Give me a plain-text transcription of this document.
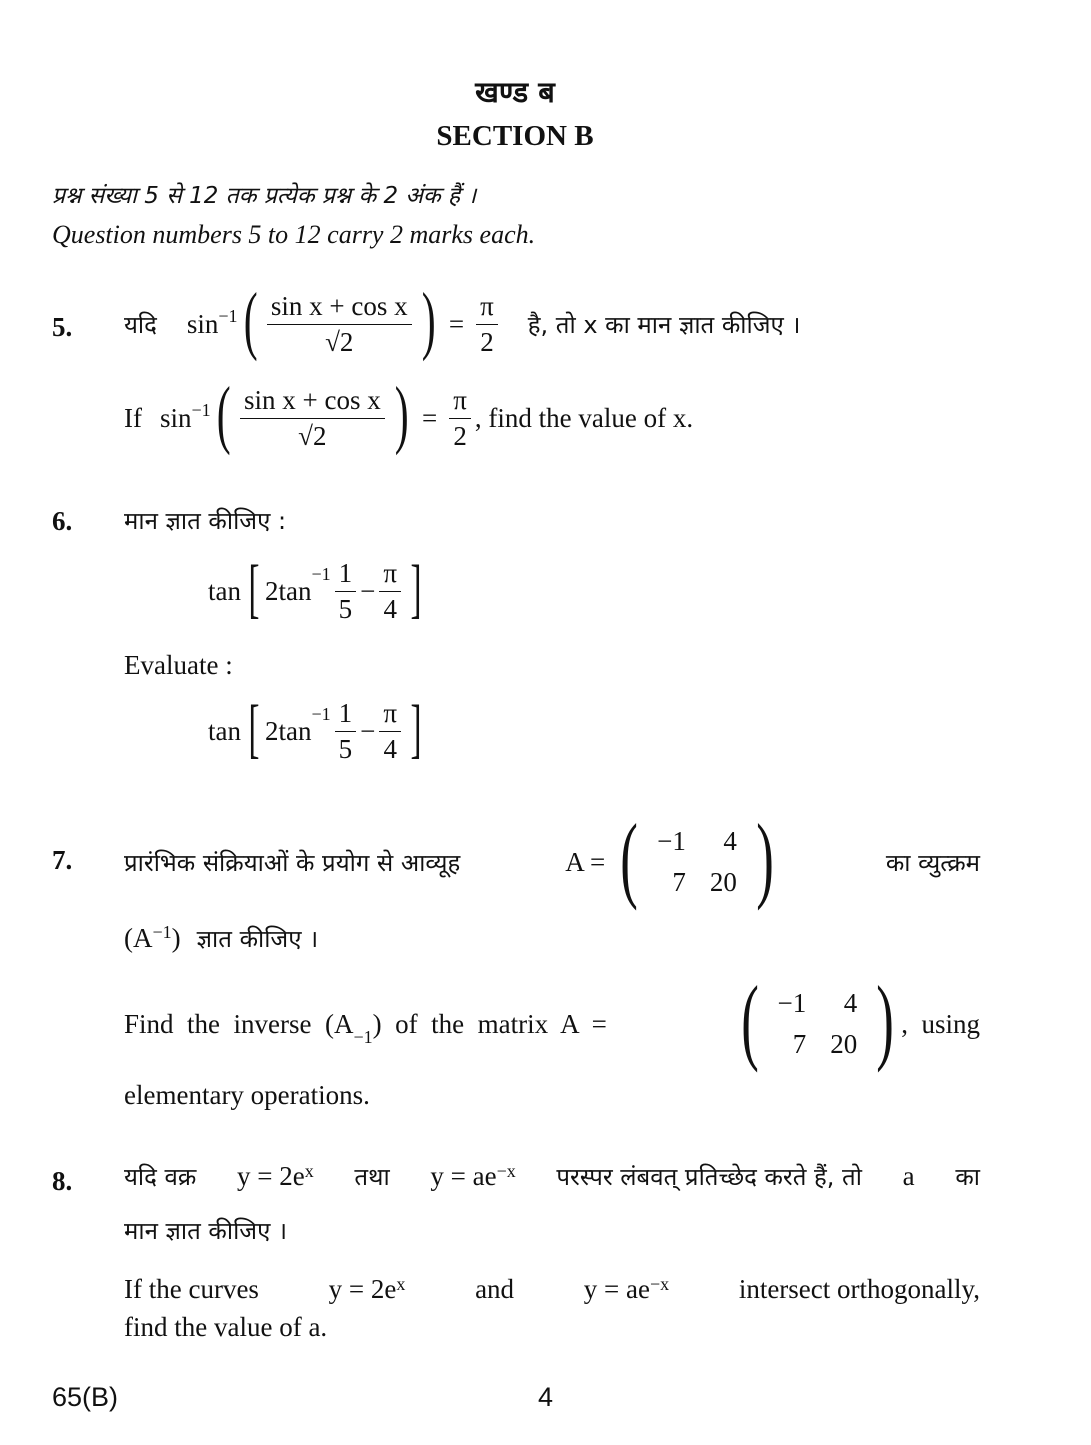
खण्ड ब
SECTION B
प्रश्न संख्या 5 से 12 तक प्रत्येक प्रश्न के 2 अंक हैं ।
Question numbers 5 to 12 carry 2 marks each.
5. यदि $\sin^{-1}$ ( $\frac{\text{sin x + cos x}}{√2}$ ) = $\frac{\pi}{2}$ है, तो x का मान ज्ञात कीजिए ।
If $\sin^{-1}$ ( $\frac{\text{sin x + cos x}}{√2}$ ) = $\frac{\pi}{2}$ , find the value of x.
6. मान ज्ञात कीजिए :
tan [ 2 tan
$^{-1} \frac{1}{5} - \frac{\pi}{4}$ ]
Evaluate :
tan [ 2 tan
$^{-1} \frac{1}{5} - \frac{\pi}{4}$ ]
7. प्रारंभिक संक्रियाओं के प्रयोग से आव्यूह	A = ( −1	4
7	20 )	का व्युत्क्रम
($A^{-1}$ ) ज्ञात कीजिए ।
Find  the  inverse  ($A_{-1}$ )  of  the  matrix  A  = ( −1	4
7	20 ) ,  using
elementary operations.
8. यदि वक्र y = 2e x तथा y = ae −x परस्पर लंबवत् प्रतिच्छेद करते हैं, तो a का
मान ज्ञात कीजिए ।
If the curves	y = 2e x	and	y = ae −x	intersect orthogonally,
find the value of a.
65(B)	4
